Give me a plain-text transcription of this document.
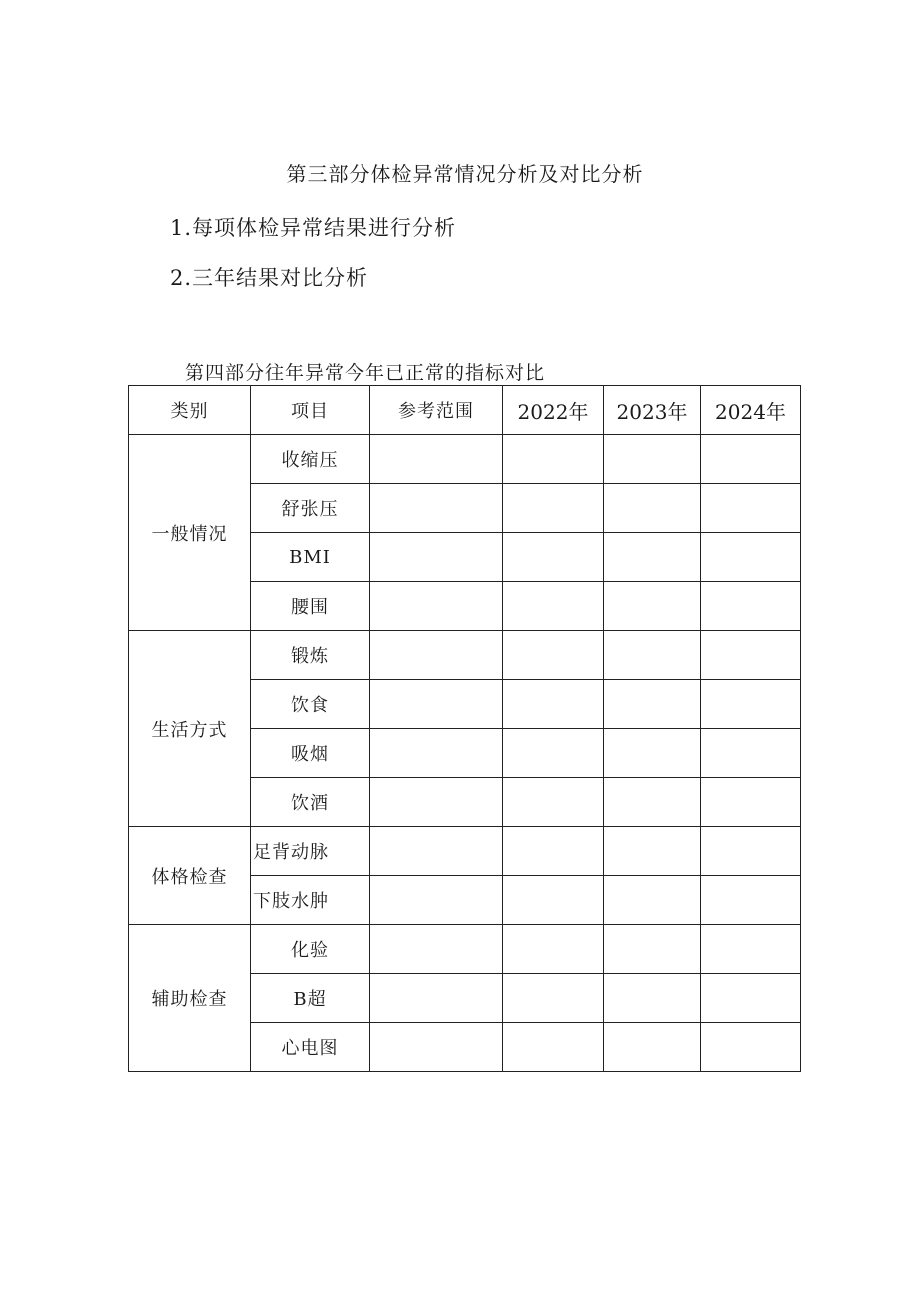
第三部分体检异常情况分析及对比分析
1.每项体检异常结果进行分析
2.三年结果对比分析
第四部分往年异常今年已正常的指标对比
类别	项目	参考范围	2022年	2023年	2024年
一般情况	收缩压				
	舒张压				
	BMI				
	腰围				
生活方式	锻炼				
	饮食				
	吸烟				
	饮酒				
体格检查	足背动脉				
	下肢水肿				
辅助检查	化验				
	B超				
	心电图				
